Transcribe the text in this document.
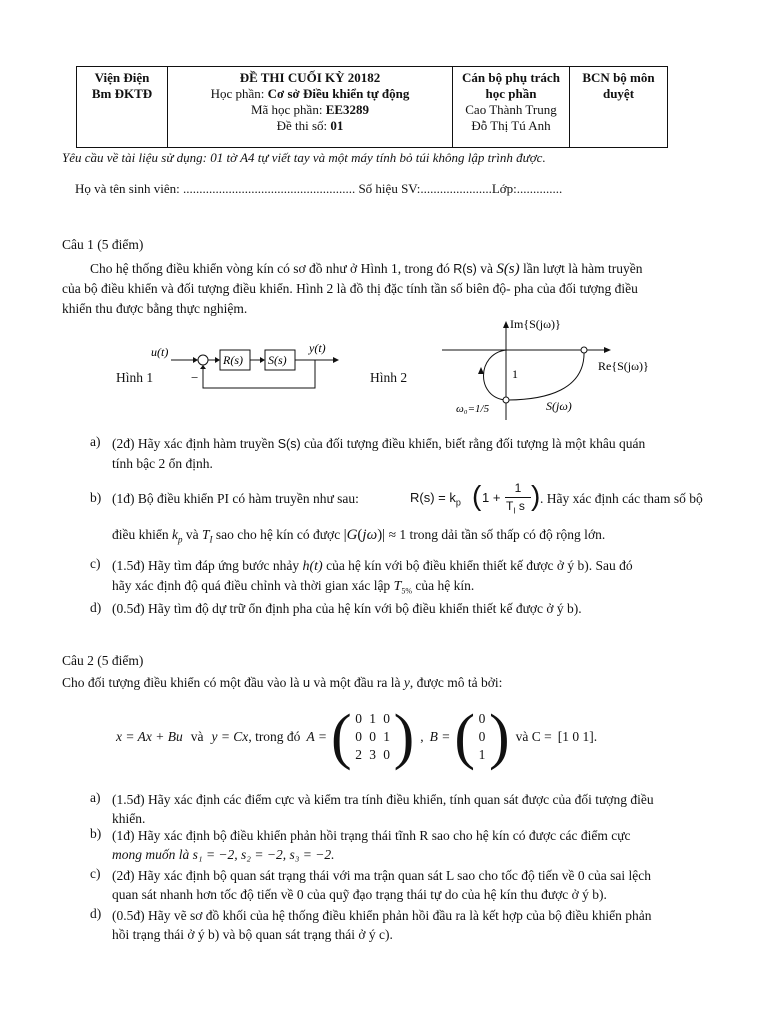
Viện Điện
Bm ĐKTĐ

ĐỀ THI CUỐI KỲ 20182
Học phần: Cơ sở Điều khiển tự động
Mã học phần: EE3289
Đề thi số: 01

Cán bộ phụ trách
học phần
Cao Thành Trung
Đỗ Thị Tú Anh

BCN bộ môn
duyệt
Yêu cầu về tài liệu sử dụng: 01 tờ A4 tự viết tay và một máy tính bỏ túi không lập trình được.
Họ và tên sinh viên: ..................................................... Số hiệu SV:......................Lớp:..............
Câu 1 (5 điểm)
Cho hệ thống điều khiển vòng kín có sơ đồ như ở Hình 1, trong đó R(s) và S(s) lần lượt là hàm truyền
của bộ điều khiển và đối tượng điều khiển. Hình 2 là đồ thị đặc tính tần số biên độ- pha của đối tượng điều
khiển thu được bằng thực nghiệm.
Hình 1
u(t)
R(s) S(s)
y(t)
−	Hình 2
Im{S(jω)}
Re{S(jω)}
1
S(jω)
ω₀=1/5
a) (2đ) Hãy xác định hàm truyền S(s) của đối tượng điều khiển, biết rằng đối tượng là một khâu quán
tính bậc 2 ổn định.
b) (1đ) Bộ điều khiển PI có hàm truyền như sau:	$R(s) = k_p$ ( 1 +
1
$T_I$ s ) . Hãy xác định các tham số bộ
điều khiển $k_p$ và $T_I$ sao cho hệ kín có được |G(jω)| ≈ 1 trong dải tần số thấp có độ rộng lớn.
c) (1.5đ) Hãy tìm đáp ứng bước nhảy h(t) của hệ kín với bộ điều khiển thiết kế được ở ý b). Sau đó
hãy xác định độ quá điều chỉnh và thời gian xác lập $T_{5\%}$ của hệ kín.
d) (0.5đ) Hãy tìm độ dự trữ ổn định pha của hệ kín với bộ điều khiển thiết kế được ở ý b).
Câu 2 (5 điểm)
Cho đối tượng điều khiển có một đầu vào là u và một đầu ra là y, được mô tả bởi:
x = Ax + Bu và y = Cx , trong đó A = ( 0 1 0
0 0 1
2 3 0 ) , B = ( 0
0
1 ) và C = [1 0 1].
a) (1.5đ) Hãy xác định các điểm cực và kiểm tra tính điều khiển, tính quan sát được của đối tượng điều
khiển.
b) (1đ) Hãy xác định bộ điều khiển phản hồi trạng thái tĩnh R sao cho hệ kín có được các điểm cực
mong muốn là s₁ = −2, s₂ = −2, s₃ = −2.
c) (2đ) Hãy xác định bộ quan sát trạng thái với ma trận quan sát L sao cho tốc độ tiến về 0 của sai lệch
quan sát nhanh hơn tốc độ tiến về 0 của quỹ đạo trạng thái tự do của hệ kín thu được ở ý b).
d) (0.5đ) Hãy vẽ sơ đồ khối của hệ thống điều khiển phản hồi đầu ra là kết hợp của bộ điều khiển phản
hồi trạng thái ở ý b) và bộ quan sát trạng thái ở ý c).
